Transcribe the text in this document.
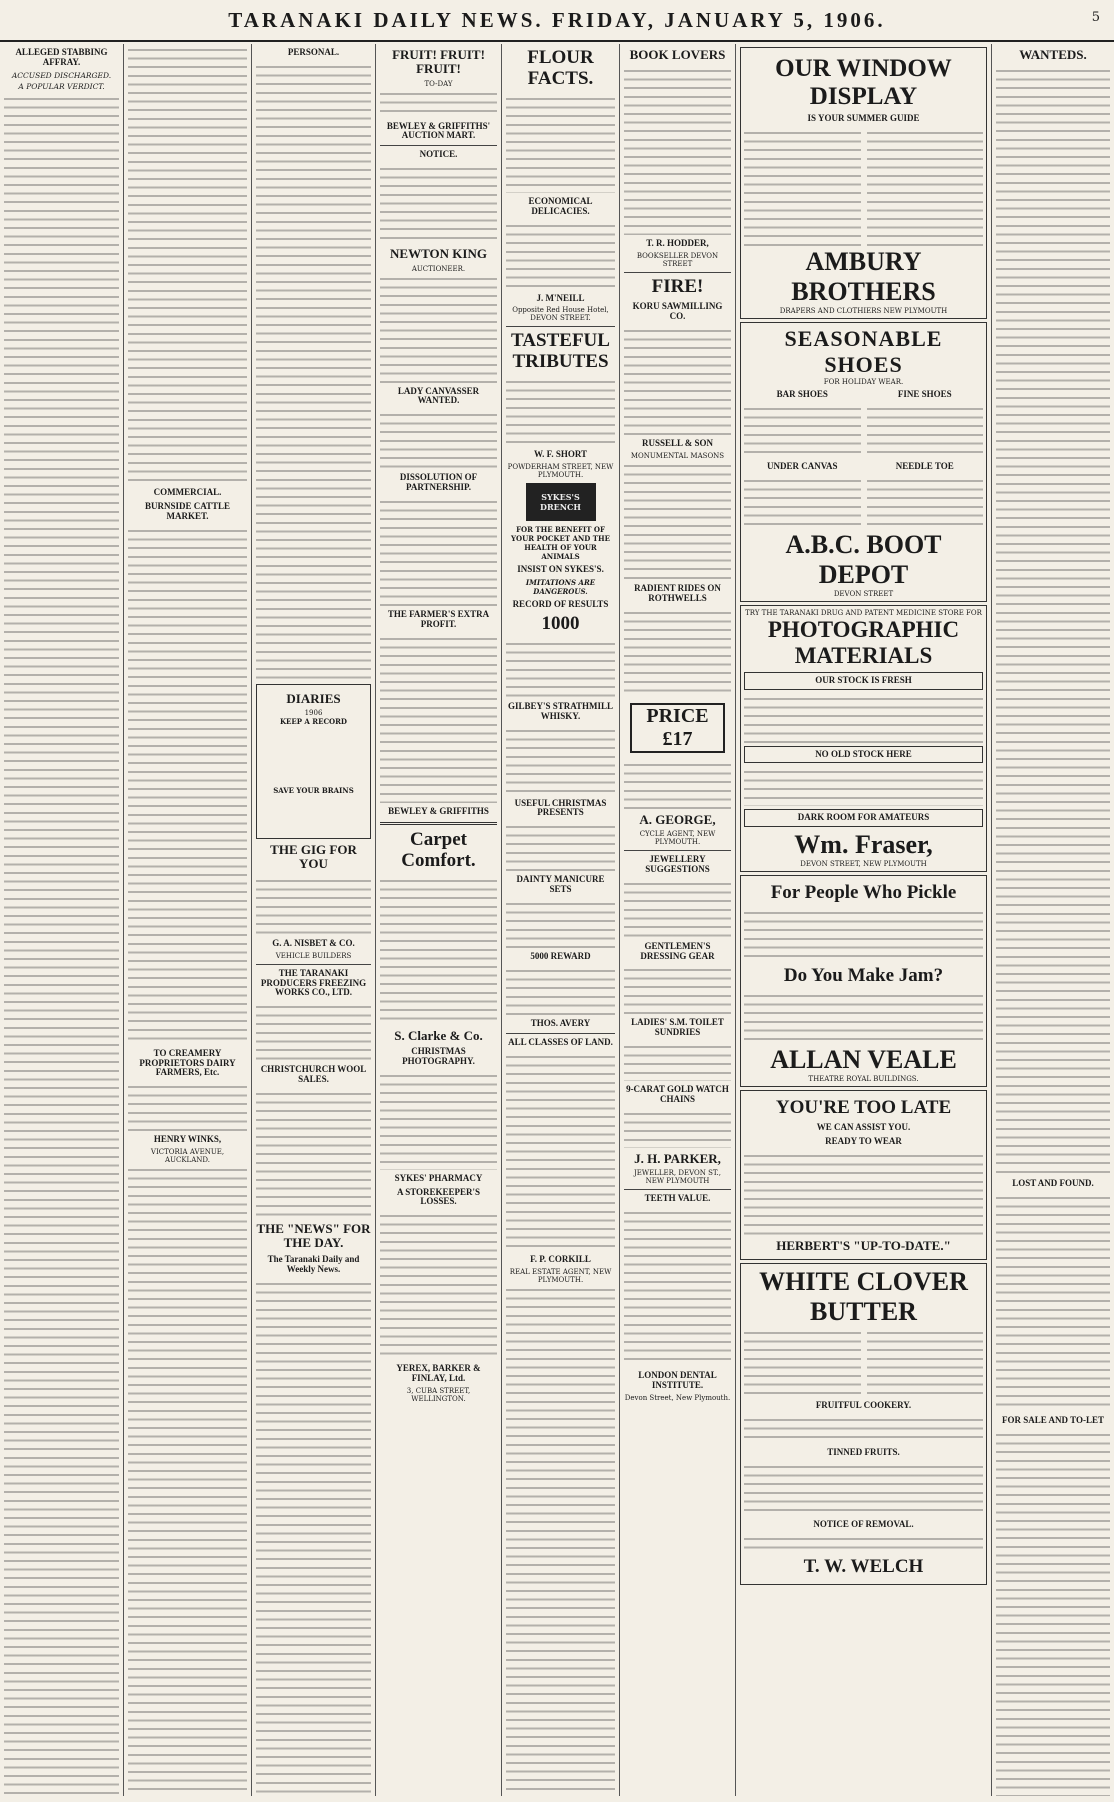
TARANAKI DAILY NEWS. FRIDAY, JANUARY 5, 1906.	5
ALLEGED STABBING AFFRAY.
ACCUSED DISCHARGED.
A POPULAR VERDICT.
COMMERCIAL.
BURNSIDE CATTLE MARKET.
TO CREAMERY PROPRIETORS DAIRY FARMERS, Etc.
HENRY WINKS,
VICTORIA AVENUE, AUCKLAND.
PERSONAL.
DIARIES
1906
KEEP A RECORD
SAVE YOUR BRAINS
THE GIG FOR YOU
G. A. NISBET & CO.
VEHICLE BUILDERS
THE TARANAKI PRODUCERS FREEZING WORKS CO., LTD.
CHRISTCHURCH WOOL SALES.
THE "NEWS" FOR THE DAY.
The Taranaki Daily and Weekly News.
FRUIT! FRUIT! FRUIT!
TO-DAY
BEWLEY & GRIFFITHS' AUCTION MART.
NOTICE.
NEWTON KING
AUCTIONEER.
LADY CANVASSER WANTED.
DISSOLUTION OF PARTNERSHIP.
THE FARMER'S EXTRA PROFIT.
BEWLEY & GRIFFITHS
Carpet Comfort.
S. Clarke & Co.
CHRISTMAS PHOTOGRAPHY.
SYKES' PHARMACY
A STOREKEEPER'S LOSSES.
YEREX, BARKER & FINLAY, Ltd.
3, CUBA STREET, WELLINGTON.
FLOUR FACTS.
ECONOMICAL DELICACIES.
J. M'NEILL
Opposite Red House Hotel, DEVON STREET.
TASTEFUL TRIBUTES
W. F. SHORT
POWDERHAM STREET, NEW PLYMOUTH.
SYKES'S DRENCH
FOR THE BENEFIT OF YOUR POCKET AND THE HEALTH OF YOUR ANIMALS
INSIST ON SYKES'S.
IMITATIONS ARE DANGEROUS.
RECORD OF RESULTS
1000
GILBEY'S STRATHMILL WHISKY.
USEFUL CHRISTMAS PRESENTS
DAINTY MANICURE SETS
5000 REWARD
THOS. AVERY
ALL CLASSES OF LAND.
F. P. CORKILL
REAL ESTATE AGENT, NEW PLYMOUTH.
BOOK LOVERS
T. R. HODDER,
BOOKSELLER DEVON STREET
FIRE!
KORU SAWMILLING CO.
RUSSELL & SON
MONUMENTAL MASONS
RADIENT RIDES ON ROTHWELLS
PRICE £17
A. GEORGE,
CYCLE AGENT, NEW PLYMOUTH.
JEWELLERY SUGGESTIONS
GENTLEMEN'S DRESSING GEAR
LADIES' S.M. TOILET SUNDRIES
9-CARAT GOLD WATCH CHAINS
J. H. PARKER,
JEWELLER, DEVON ST., NEW PLYMOUTH
TEETH VALUE.
LONDON DENTAL INSTITUTE.
Devon Street, New Plymouth.
OUR WINDOW DISPLAY
IS YOUR SUMMER GUIDE
AMBURY BROTHERS
DRAPERS AND CLOTHIERS NEW PLYMOUTH
SEASONABLE SHOES
FOR HOLIDAY WEAR.
BAR SHOES
UNDER CANVAS
FINE SHOES
NEEDLE TOE
A.B.C. BOOT DEPOT
DEVON STREET
TRY THE TARANAKI DRUG AND PATENT MEDICINE STORE FOR
PHOTOGRAPHIC MATERIALS
OUR STOCK IS FRESH
NO OLD STOCK HERE
DARK ROOM FOR AMATEURS
Wm. Fraser,
DEVON STREET, NEW PLYMOUTH
For People Who Pickle
Do You Make Jam?
ALLAN VEALE
THEATRE ROYAL BUILDINGS.
YOU'RE TOO LATE
WE CAN ASSIST YOU.
READY TO WEAR
HERBERT'S "UP-TO-DATE."
WHITE CLOVER BUTTER
FRUITFUL COOKERY.
TINNED FRUITS.
NOTICE OF REMOVAL.
T. W. WELCH
WANTEDS.
LOST AND FOUND.
FOR SALE AND TO-LET
